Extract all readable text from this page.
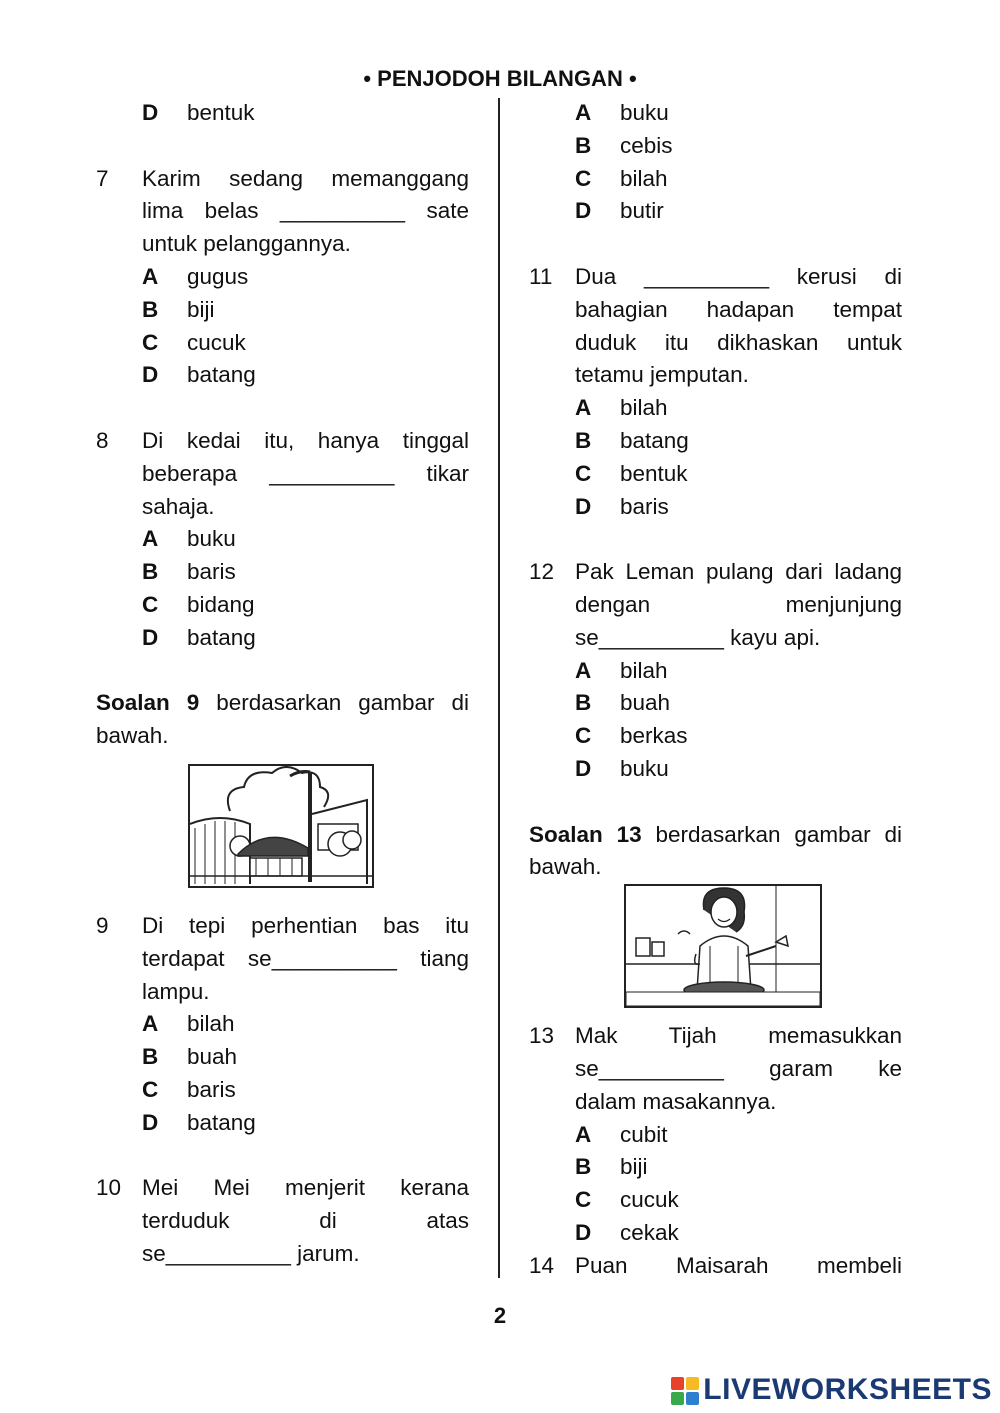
• PENJODOH BILANGAN •
D	bentuk
7	Karim sedang memanggang lima belas __________ sate
untuk pelanggannya.
A	gugus
B	biji
C	cucuk
D	batang
8	Di kedai itu, hanya tinggal beberapa __________ tikar
sahaja.
A	buku
B	baris
C	bidang
D	batang
Soalan 9 berdasarkan gambar di
bawah.
9	Di tepi perhentian bas itu terdapat se__________ tiang
lampu.
A	bilah
B	buah
C	baris
D	batang
10 Mei Mei menjerit kerana terduduk di atas
se__________ jarum.
A	buku
B	cebis
C	bilah
D	butir
11	Dua __________ kerusi di bahagian hadapan tempat duduk itu dikhaskan untuk
tetamu jemputan.
A	bilah
B	batang
C	bentuk
D	baris
12 Pak Leman pulang dari ladang dengan menjunjung
se__________ kayu api.
A	bilah
B	buah
C	berkas
D	buku
Soalan 13 berdasarkan gambar di
bawah.
13 Mak Tijah memasukkan se__________ garam ke
dalam masakannya.
A	cubit
B	biji
C	cucuk
D	cekak
14 Puan Maisarah membeli
2
LIVEWORKSHEETS
